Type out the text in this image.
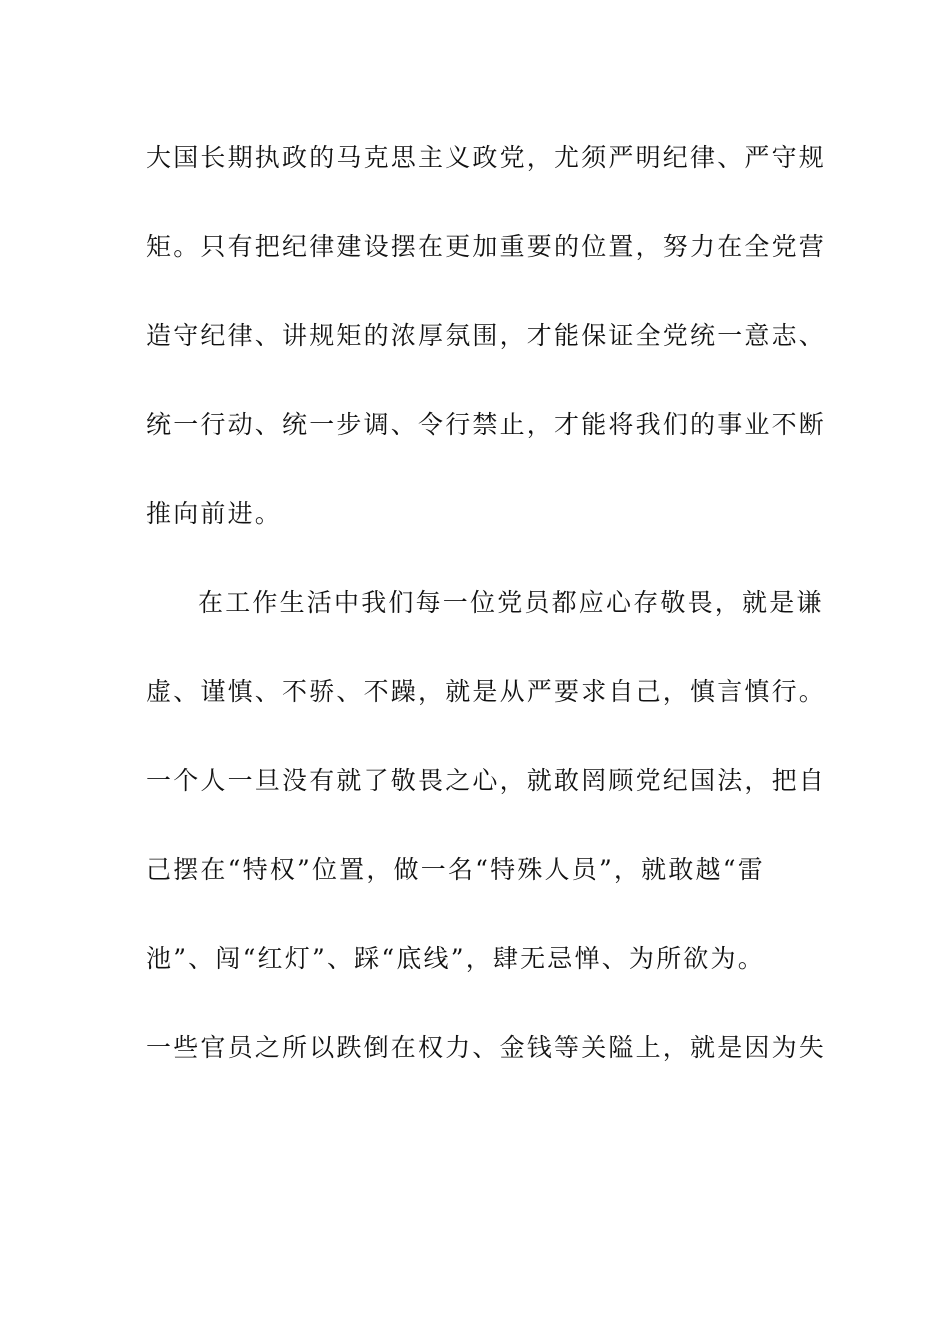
大国长期执政的马克思主义政党，尤须严明纪律、严守规
矩。只有把纪律建设摆在更加重要的位置，努力在全党营
造守纪律、讲规矩的浓厚氛围，才能保证全党统一意志、
统一行动、统一步调、令行禁止，才能将我们的事业不断
推向前进。
在工作生活中我们每一位党员都应心存敬畏，就是谦
虚、谨慎、不骄、不躁，就是从严要求自己，慎言慎行。
一个人一旦没有就了敬畏之心，就敢罔顾党纪国法，把自
己摆在“特权”位置，做一名“特殊人员”，就敢越“雷
池”、闯“红灯”、踩“底线”，肆无忌惮、为所欲为。
一些官员之所以跌倒在权力、金钱等关隘上，就是因为失
